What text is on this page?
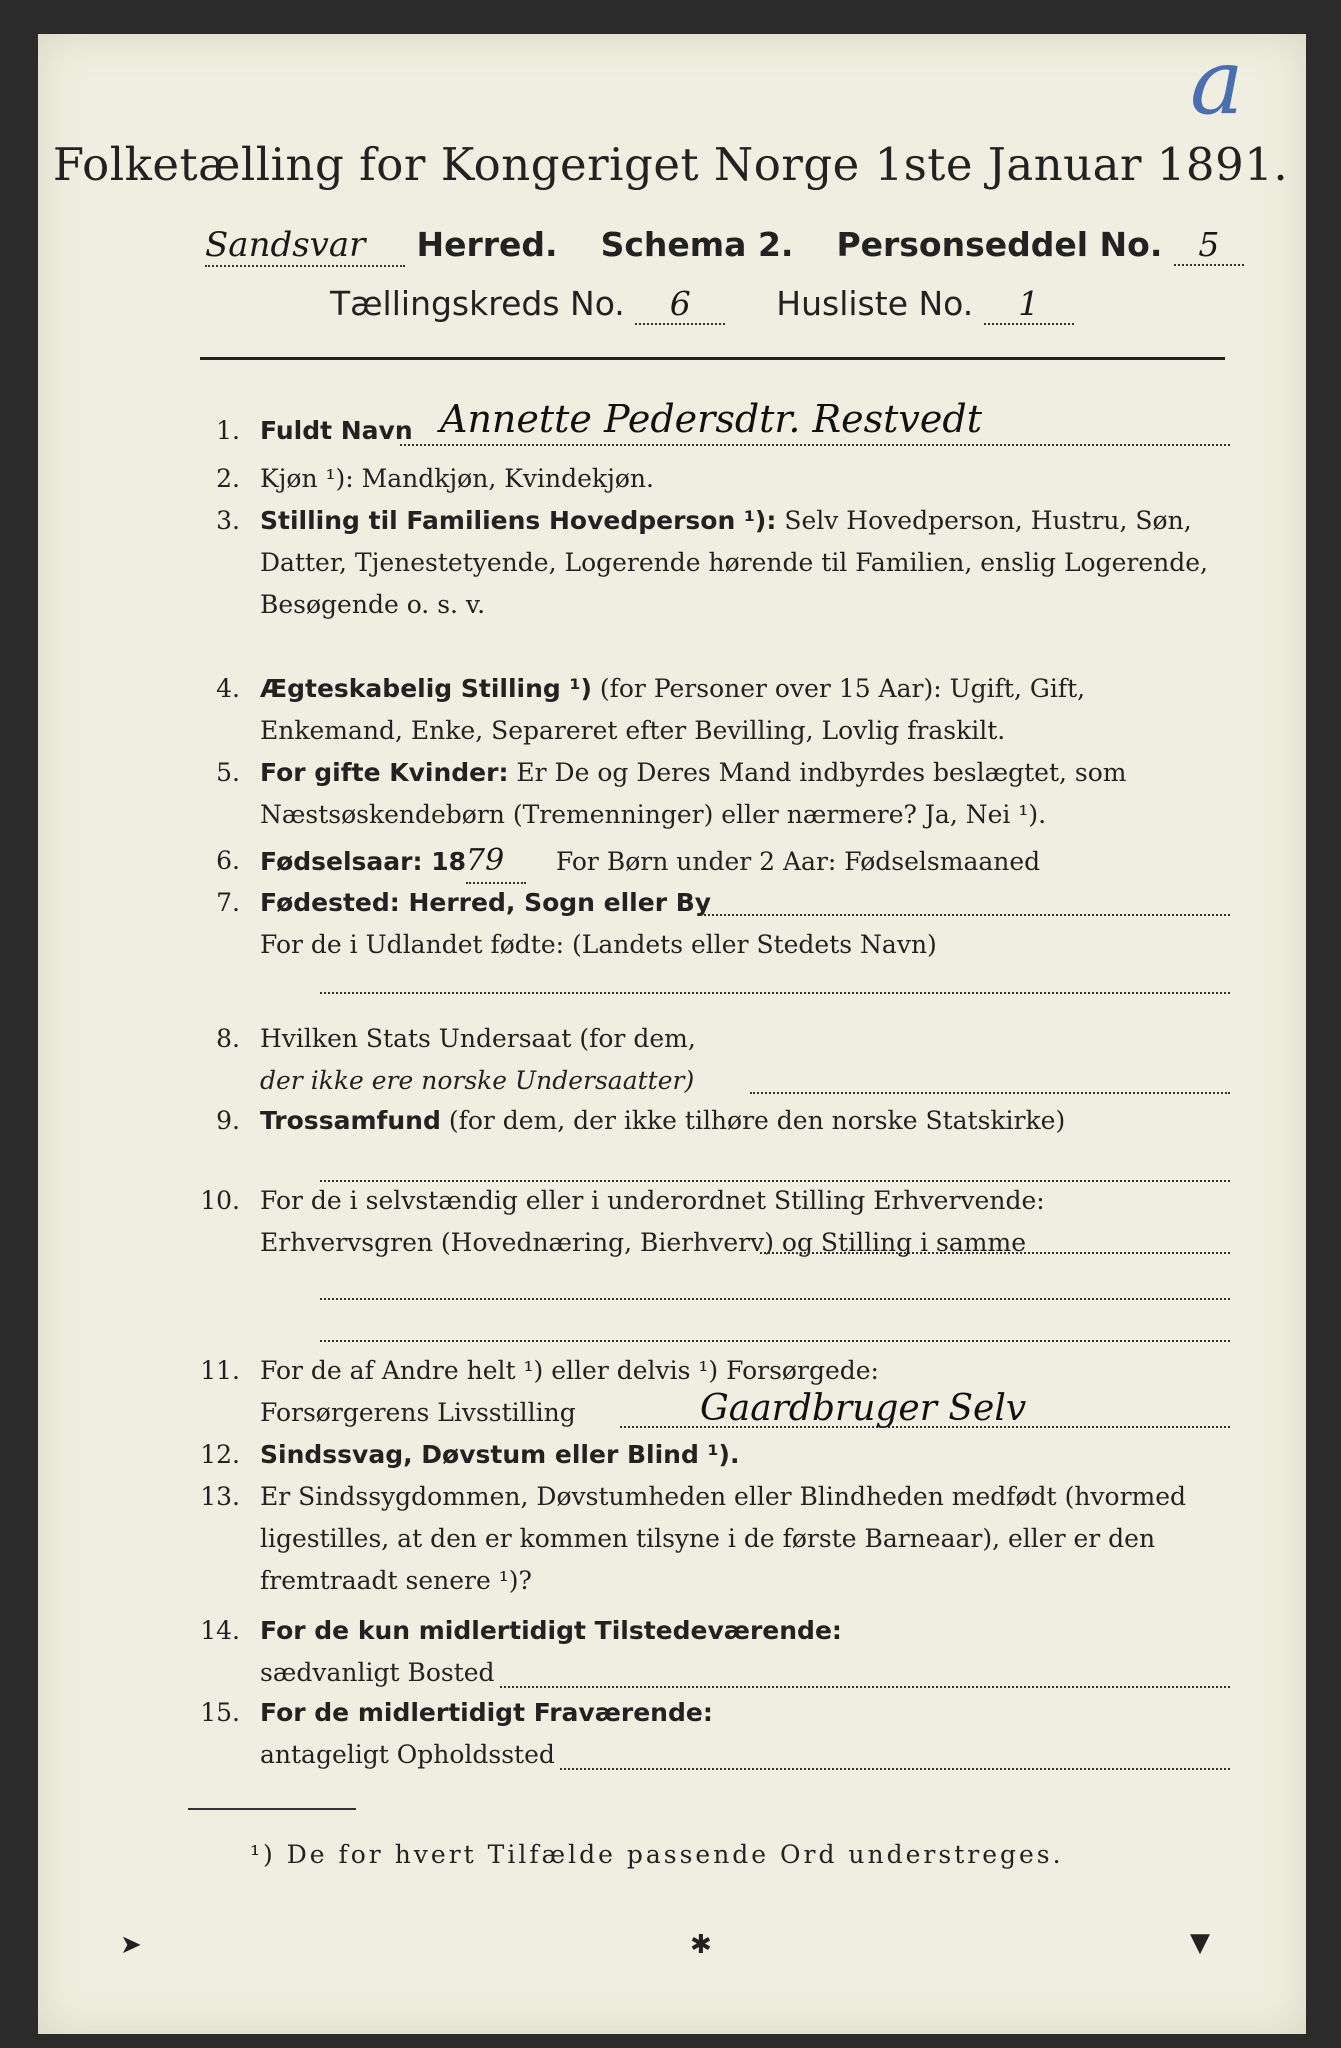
a
Folketælling for Kongeriget Norge 1ste Januar 1891.
Sandsvar Herred. Schema 2. Personseddel No. 5
Tællingskreds No. 6	Husliste No. 1
1. Fuldt Navn Annette Pedersdtr. Restvedt
2. Kjøn ¹): Mandkjøn, Kvindekjøn.
3. Stilling til Familiens Hovedperson ¹): Selv Hovedperson, Hustru, Søn, Datter, Tjenestetyende, Logerende hørende til Familien, enslig Logerende, Besøgende o. s. v.
4. Ægteskabelig Stilling ¹) (for Personer over 15 Aar): Ugift, Gift, Enkemand, Enke, Separeret efter Bevilling, Lovlig fraskilt.
5. For gifte Kvinder: Er De og Deres Mand indbyrdes beslægtet, som Næstsøskendebørn (Tremenninger) eller nærmere? Ja, Nei ¹).
6. Fødselsaar: 1879 For Børn under 2 Aar: Fødselsmaaned
7. Fødested: Herred, Sogn eller By
For de i Udlandet fødte: (Landets eller Stedets Navn)
8. Hvilken Stats Undersaat (for dem,
der ikke ere norske Undersaatter)
9. Trossamfund (for dem, der ikke tilhøre den norske Statskirke)
10. For de i selvstændig eller i underordnet Stilling Erhvervende: Erhvervsgren (Hovednæring, Bierhverv) og Stilling i samme
11. For de af Andre helt ¹) eller delvis ¹) Forsørgede:
Forsørgerens Livsstilling	Gaardbruger Selv
12. Sindssvag, Døvstum eller Blind ¹).
13. Er Sindssygdommen, Døvstumheden eller Blindheden medfødt (hvormed ligestilles, at den er kommen tilsyne i de første Barneaar), eller er den fremtraadt senere ¹)?
14. For de kun midlertidigt Tilstedeværende:
sædvanligt Bosted
15. For de midlertidigt Fraværende:
antageligt Opholdssted
¹) De for hvert Tilfælde passende Ord understreges.
➤	✱	▼
